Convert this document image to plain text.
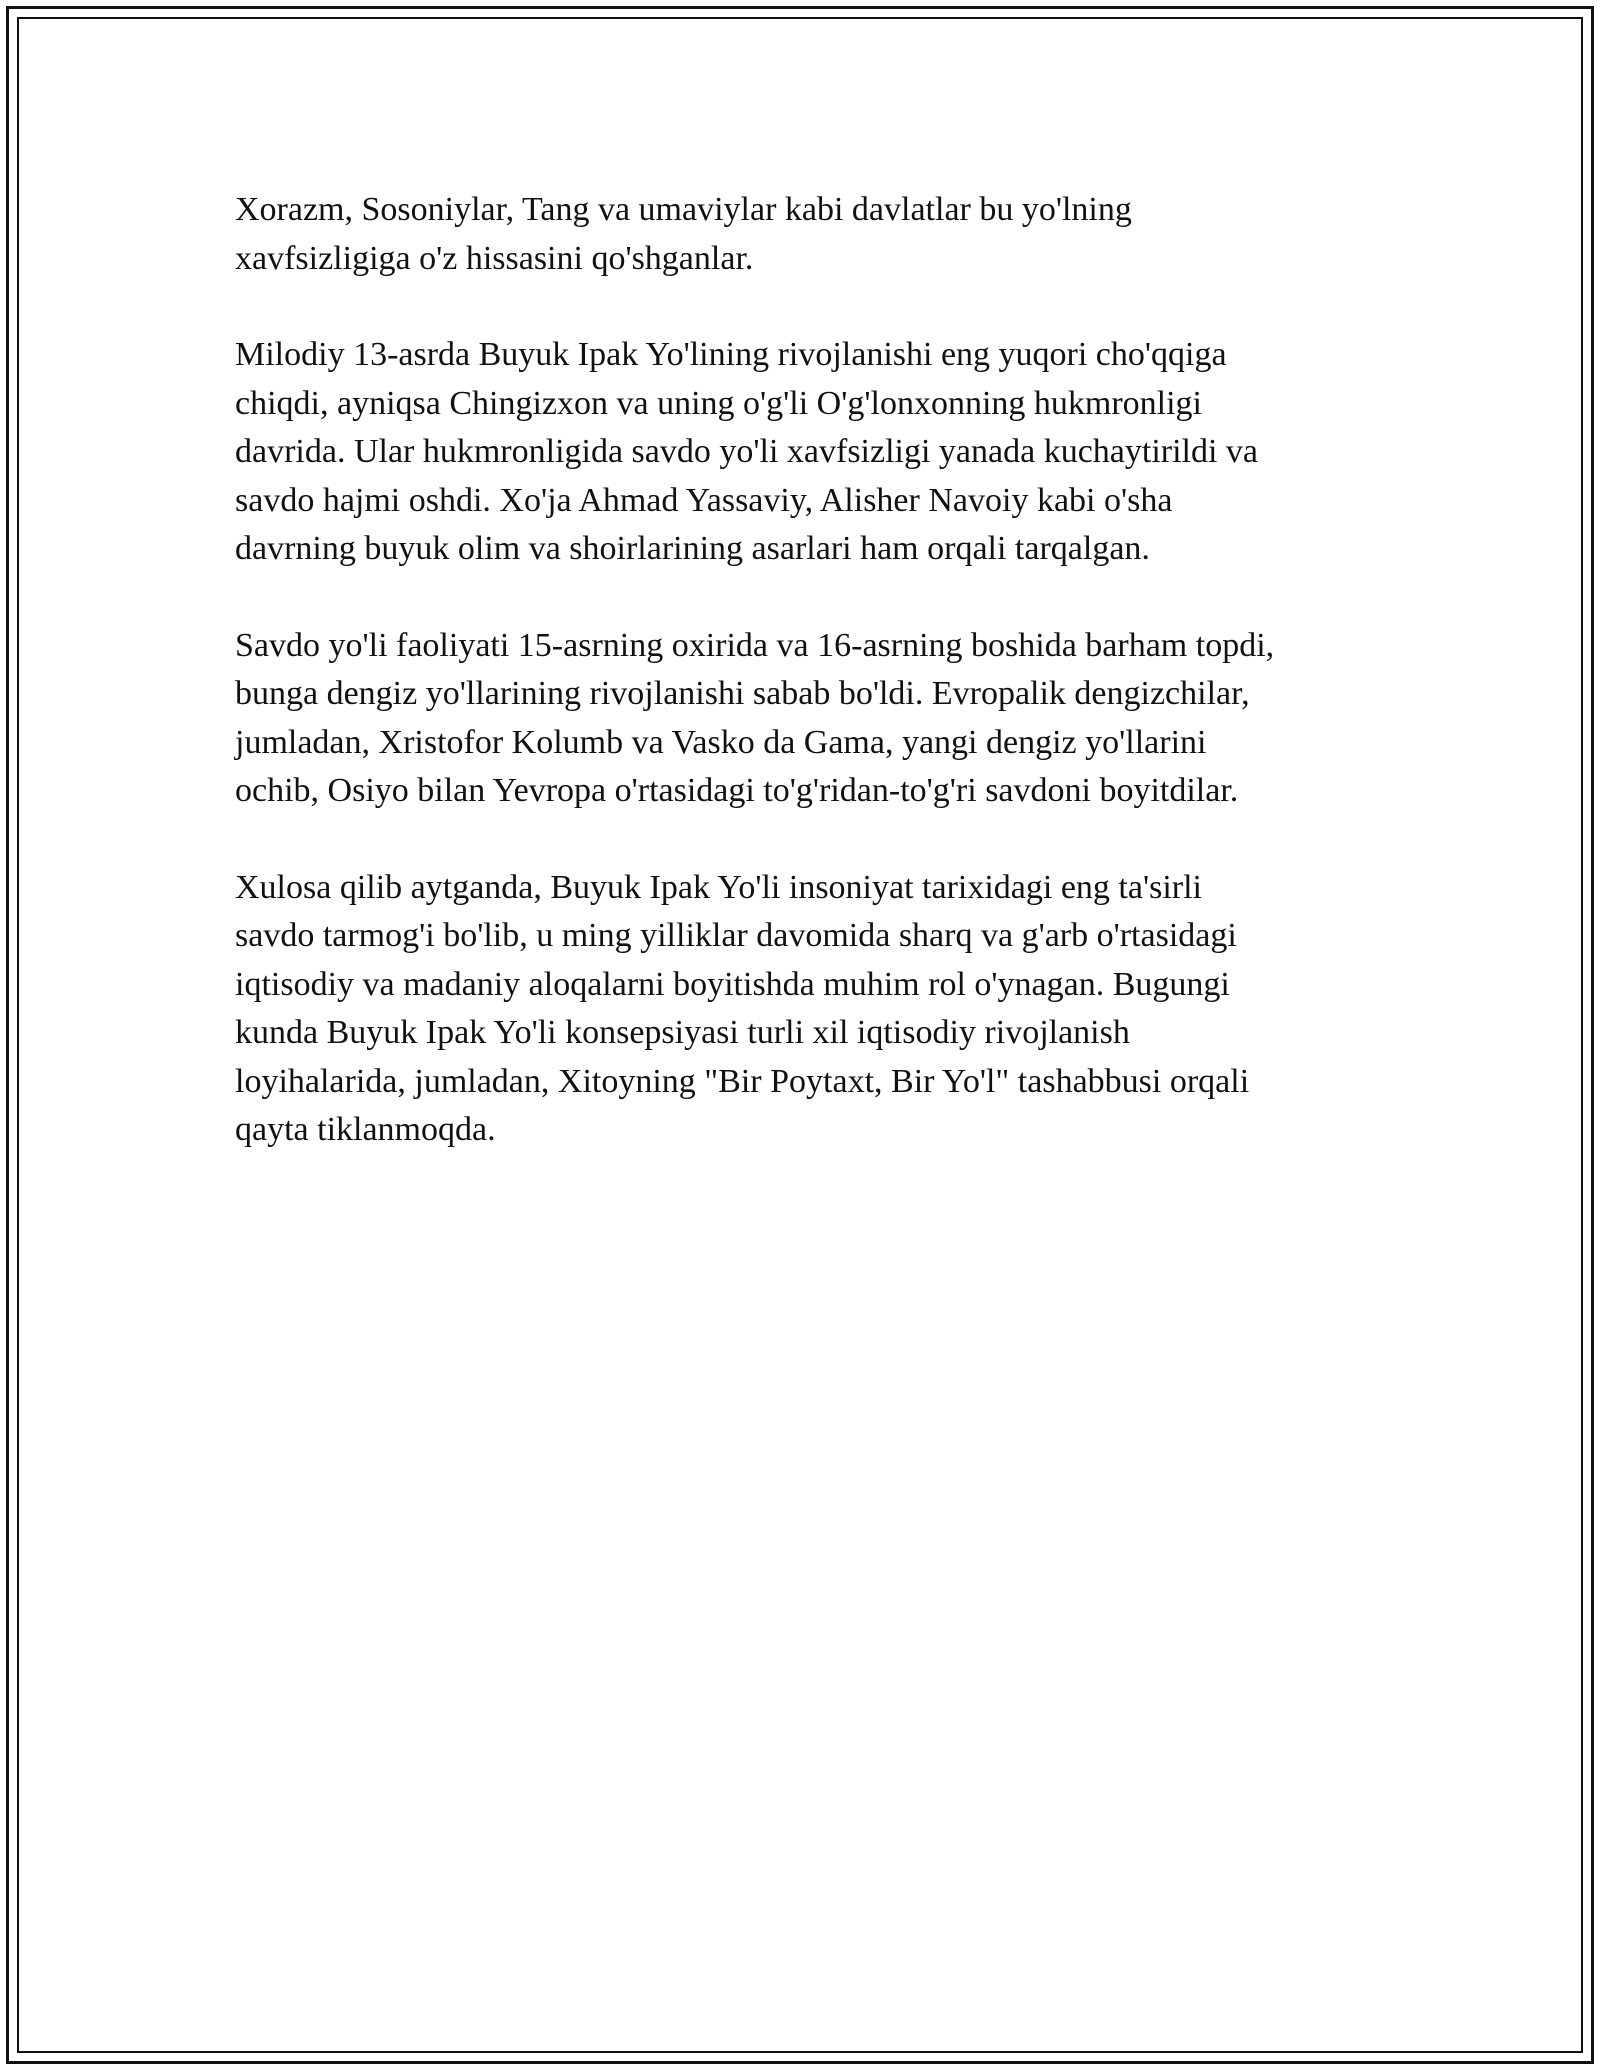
Xorazm, Sosoniylar, Tang va umaviylar kabi davlatlar bu yo'lning
xavfsizligiga o'z hissasini qo'shganlar.

Milodiy 13-asrda Buyuk Ipak Yo'lining rivojlanishi eng yuqori cho'qqiga
chiqdi, ayniqsa Chingizxon va uning o'g'li O'g'lonxonning hukmronligi
davrida. Ular hukmronligida savdo yo'li xavfsizligi yanada kuchaytirildi va
savdo hajmi oshdi. Xo'ja Ahmad Yassaviy, Alisher Navoiy kabi o'sha
davrning buyuk olim va shoirlarining asarlari ham orqali tarqalgan.

Savdo yo'li faoliyati 15-asrning oxirida va 16-asrning boshida barham topdi,
bunga dengiz yo'llarining rivojlanishi sabab bo'ldi. Evropalik dengizchilar,
jumladan, Xristofor Kolumb va Vasko da Gama, yangi dengiz yo'llarini
ochib, Osiyo bilan Yevropa o'rtasidagi to'g'ridan-to'g'ri savdoni boyitdilar.

Xulosa qilib aytganda, Buyuk Ipak Yo'li insoniyat tarixidagi eng ta'sirli
savdo tarmog'i bo'lib, u ming yilliklar davomida sharq va g'arb o'rtasidagi
iqtisodiy va madaniy aloqalarni boyitishda muhim rol o'ynagan. Bugungi
kunda Buyuk Ipak Yo'li konsepsiyasi turli xil iqtisodiy rivojlanish
loyihalarida, jumladan, Xitoyning "Bir Poytaxt, Bir Yo'l" tashabbusi orqali
qayta tiklanmoqda.
